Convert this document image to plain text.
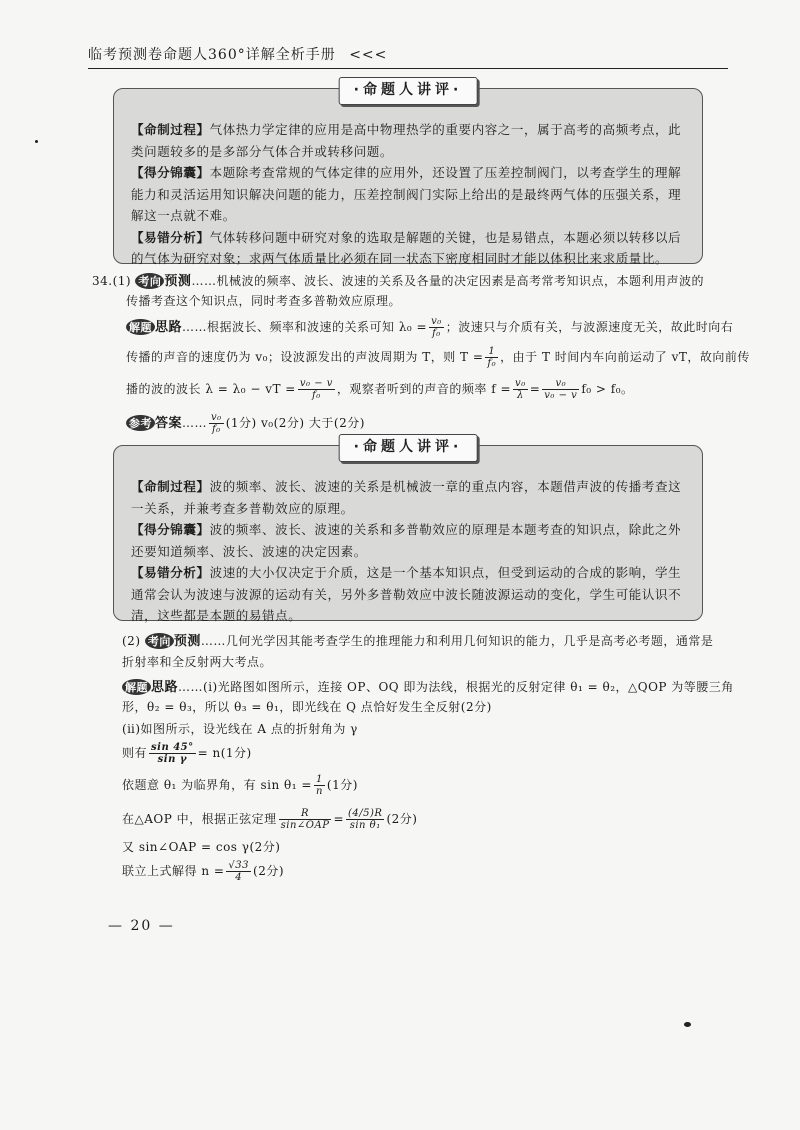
临考预测卷命题人360°详解全析手册 <<<
·命题人讲评·

【命制过程】气体热力学定律的应用是高中物理热学的重要内容之一，属于高考的高频考点，此类问题较多的是多部分气体合并或转移问题。

【得分锦囊】本题除考查常规的气体定律的应用外，还设置了压差控制阀门，以考查学生的理解能力和灵活运用知识解决问题的能力，压差控制阀门实际上给出的是最终两气体的压强关系，理解这一点就不难。

【易错分析】气体转移问题中研究对象的选取是解题的关键，也是易错点，本题必须以转移以后的气体为研究对象；求两气体质量比必须在同一状态下密度相同时才能以体积比来求质量比。

34.(1) 考向 预测……机械波的频率、波长、波速的关系及各量的决定因素是高考常考知识点，本题利用声波的
传播考查这个知识点，同时考查多普勒效应原理。
解题 思路……根据波长、频率和波速的关系可知 $\lambda_0 = \frac{\text{v₀}}{\text{f₀}}$ ；波速只与介质有关，与波源速度无关，故此时向右
传播的声音的速度仍为 v₀；设波源发出的声波周期为 T，则 $T = \frac{1}{\text{f₀}}$ ，由于 T 时间内车向前运动了 vT，故向前传
播的波的波长 λ = λ₀ − vT = $\frac{\text{v₀ − v}}{\text{f₀}}$ ，观察者听到的声音的频率 $f = \frac{\text{v₀}}{\lambda} = \frac{\text{v₀}}{\text{v₀ − v}} f_0 > f_0$。
参考 答案…… $\frac{\text{v₀}}{\text{f₀}} (1$分) v₀(2分) 大于(2分)
·命题人讲评·

【命制过程】波的频率、波长、波速的关系是机械波一章的重点内容，本题借声波的传播考查这一关系，并兼考查多普勒效应的原理。

【得分锦囊】波的频率、波长、波速的关系和多普勒效应的原理是本题考查的知识点，除此之外还要知道频率、波长、波速的决定因素。

【易错分析】波速的大小仅决定于介质，这是一个基本知识点，但受到运动的合成的影响，学生通常会认为波速与波源的运动有关，另外多普勒效应中波长随波源运动的变化，学生可能认识不清，这些都是本题的易错点。

(2) 考向 预测……几何光学因其能考查学生的推理能力和利用几何知识的能力，几乎是高考必考题，通常是
折射率和全反射两大考点。
解题 思路……(ⅰ)光路图如图所示，连接 OP、OQ 即为法线，根据光的反射定律 θ₁ = θ₂，△QOP 为等腰三角
形，θ₂ = θ₃，所以 θ₃ = θ₁，即光线在 Q 点恰好发生全反射(2分)
(ⅱ)如图所示，设光线在 A 点的折射角为 γ
则有 $\frac{\sin 45^\circ}{\text{sin γ}} = n(1$分)
依题意 θ₁ 为临界角，有 $\sin \theta_1 = \frac{1}{n} (1$分)
在△AOP 中，根据正弦定理 $\frac{R}{\text{sin∠OAP}} = \frac{(4/5)R}{\text{sin θ₁}} (2$分)
又 sin∠OAP = cos γ(2分)
联立上式解得 $n = \frac{√33}{4} (2$分)
— 20 —
